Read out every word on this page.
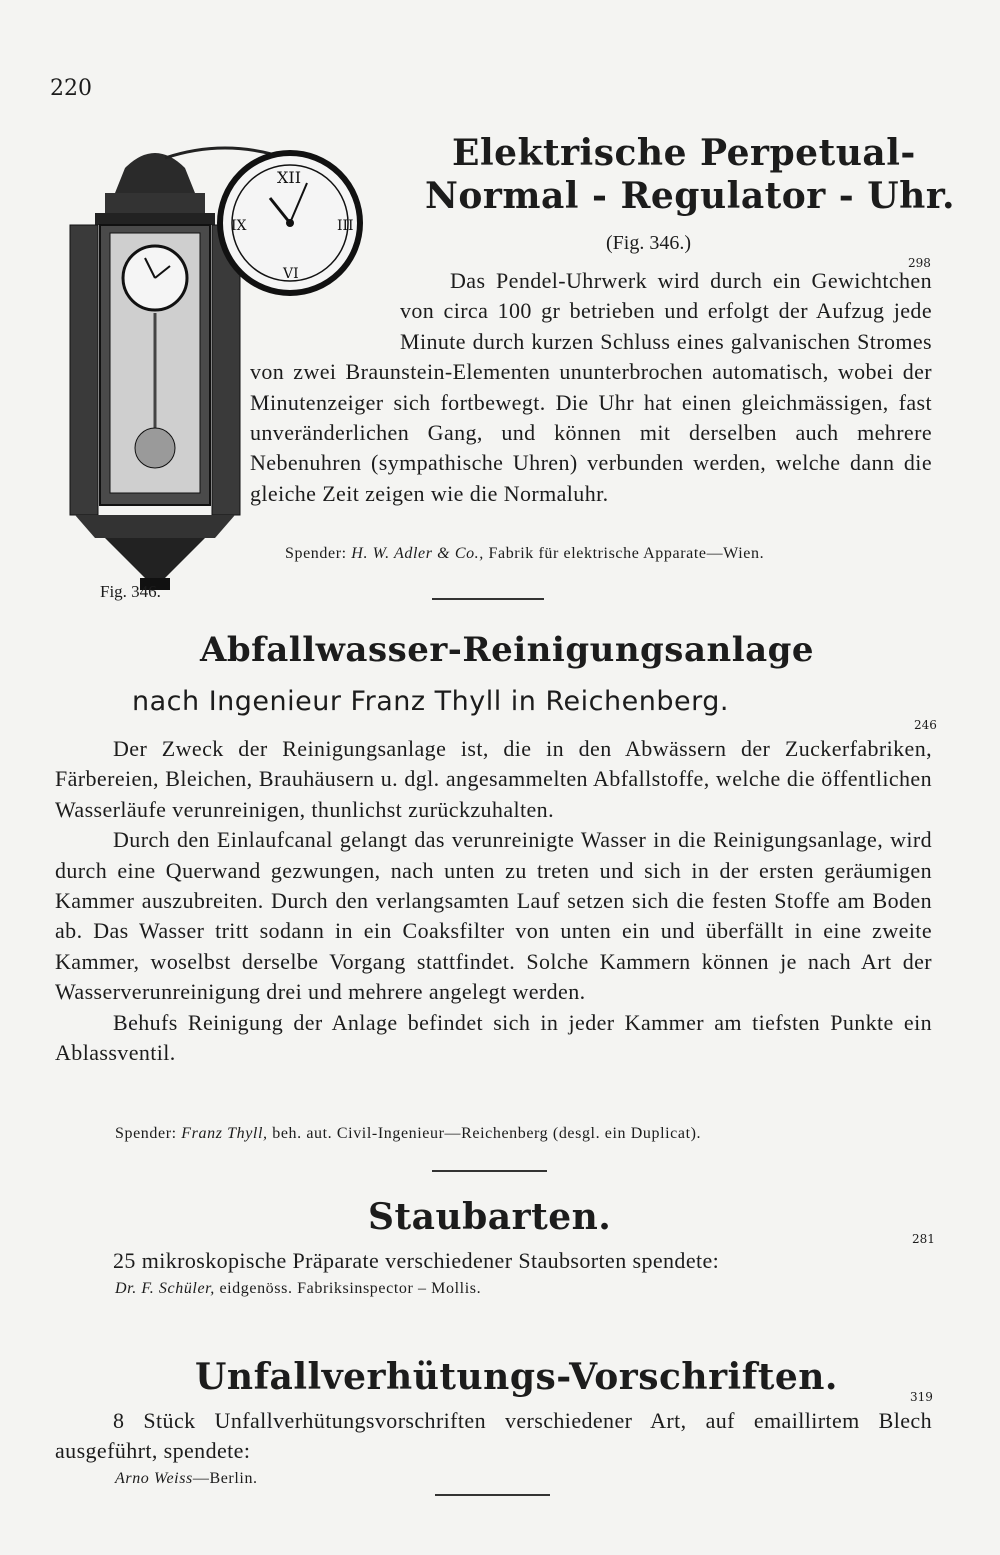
220
XII
III
VI
IX
Fig. 346.
Elektrische Perpetual-
Normal - Regulator - Uhr.
(Fig. 346.)
298

Das Pendel-Uhrwerk wird durch ein Gewichtchen von circa 100 gr betrieben und erfolgt der Aufzug jede Minute durch kurzen Schluss eines galvanischen Stromes von zwei Braunstein-Elementen ununterbrochen automatisch, wobei der Minutenzeiger sich fortbewegt. Die Uhr hat einen gleichmässigen, fast unveränderlichen Gang, und können mit derselben auch mehrere Nebenuhren (sympathische Uhren) verbunden werden, welche dann die gleiche Zeit zeigen wie die Normaluhr.

Spender: H. W. Adler & Co., Fabrik für elektrische Apparate—Wien.
Abfallwasser-Reinigungsanlage
nach Ingenieur Franz Thyll in Reichenberg.
246

Der Zweck der Reinigungsanlage ist, die in den Abwässern der Zuckerfabriken, Färbereien, Bleichen, Brauhäusern u. dgl. angesammelten Abfallstoffe, welche die öffentlichen Wasserläufe verunreinigen, thunlichst zurückzuhalten.

Durch den Einlaufcanal gelangt das verunreinigte Wasser in die Reinigungsanlage, wird durch eine Querwand gezwungen, nach unten zu treten und sich in der ersten geräumigen Kammer auszubreiten. Durch den verlangsamten Lauf setzen sich die festen Stoffe am Boden ab. Das Wasser tritt sodann in ein Coaksfilter von unten ein und überfällt in eine zweite Kammer, woselbst derselbe Vorgang stattfindet. Solche Kammern können je nach Art der Wasserverunreinigung drei und mehrere angelegt werden.

Behufs Reinigung der Anlage befindet sich in jeder Kammer am tiefsten Punkte ein Ablassventil.

Spender: Franz Thyll, beh. aut. Civil-Ingenieur—Reichenberg (desgl. ein Duplicat).
Staubarten.
281

25 mikroskopische Präparate verschiedener Staubsorten spendete:

Dr. F. Schüler, eidgenöss. Fabriksinspector – Mollis.
Unfallverhütungs-Vorschriften.	319

8 Stück Unfallverhütungsvorschriften verschiedener Art, auf emaillirtem Blech ausgeführt, spendete:

Arno Weiss—Berlin.
